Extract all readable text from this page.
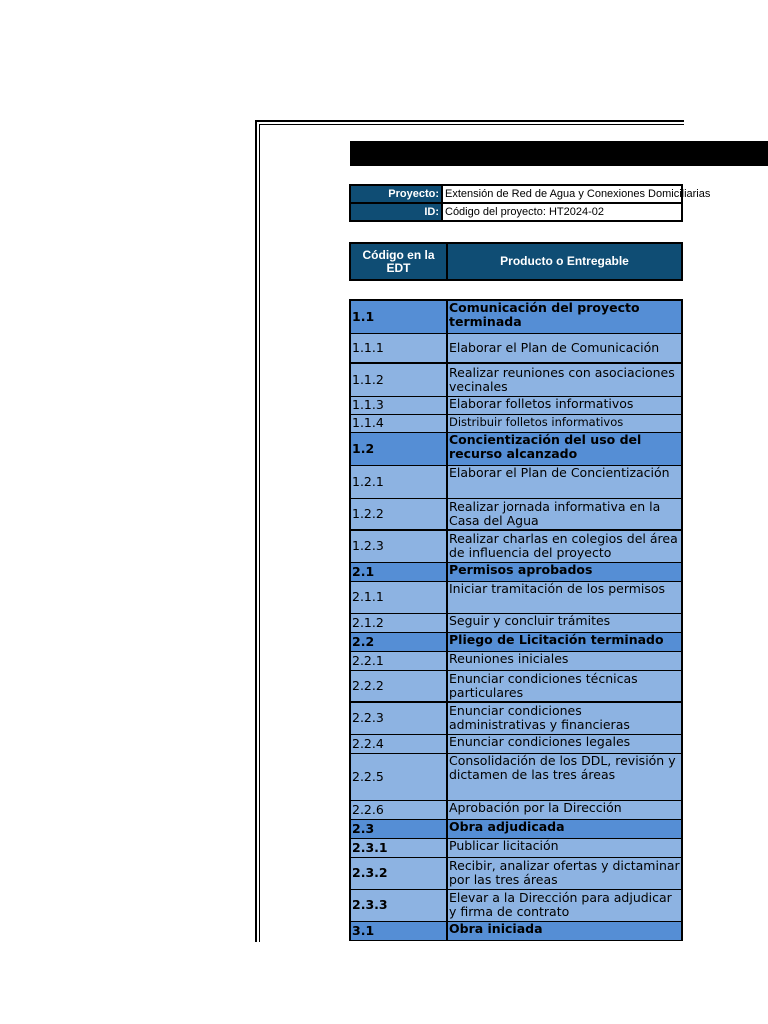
Proyecto:	Extensión de Red de Agua y Conexiones Domiciliarias
ID:	Código del proyecto: HT2024-02
Código en la EDT	Producto o Entregable
1.1	Comunicación del proyecto terminada
1.1.1	Elaborar el Plan de Comunicación
1.1.2	Realizar reuniones con asociaciones vecinales
1.1.3	Elaborar folletos informativos
1.1.4	Distribuir folletos informativos
1.2	Concientización del uso del recurso alcanzado
1.2.1	Elaborar el Plan de Concientización
1.2.2	Realizar jornada informativa en la Casa del Agua
1.2.3	Realizar charlas en colegios del área de influencia del proyecto
2.1	Permisos aprobados
2.1.1	Iniciar tramitación de los permisos
2.1.2	Seguir y concluir trámites
2.2	Pliego de Licitación terminado
2.2.1	Reuniones iniciales
2.2.2	Enunciar condiciones técnicas particulares
2.2.3	Enunciar condiciones administrativas y financieras
2.2.4	Enunciar condiciones legales
2.2.5	Consolidación de los DDL, revisión y dictamen de las tres áreas
2.2.6	Aprobación por la Dirección
2.3	Obra adjudicada
2.3.1	Publicar licitación
2.3.2	Recibir, analizar ofertas y dictaminar por las tres áreas
2.3.3	Elevar a la Dirección para adjudicar y firma de contrato
3.1	Obra iniciada
